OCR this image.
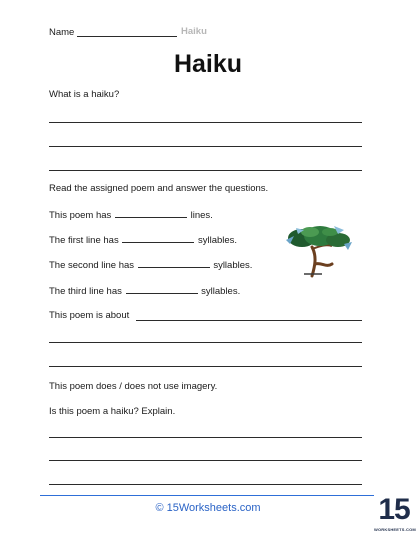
Name	Haiku
Haiku
What is a haiku?
Read the assigned poem and answer the questions.
This poem has	lines.
The first line has	syllables.
The second line has	syllables.
The third line has	syllables.
This poem is about
This poem does / does not use imagery.
Is this poem a haiku? Explain.
© 15Worksheets.com	15
WORKSHEETS.COM
